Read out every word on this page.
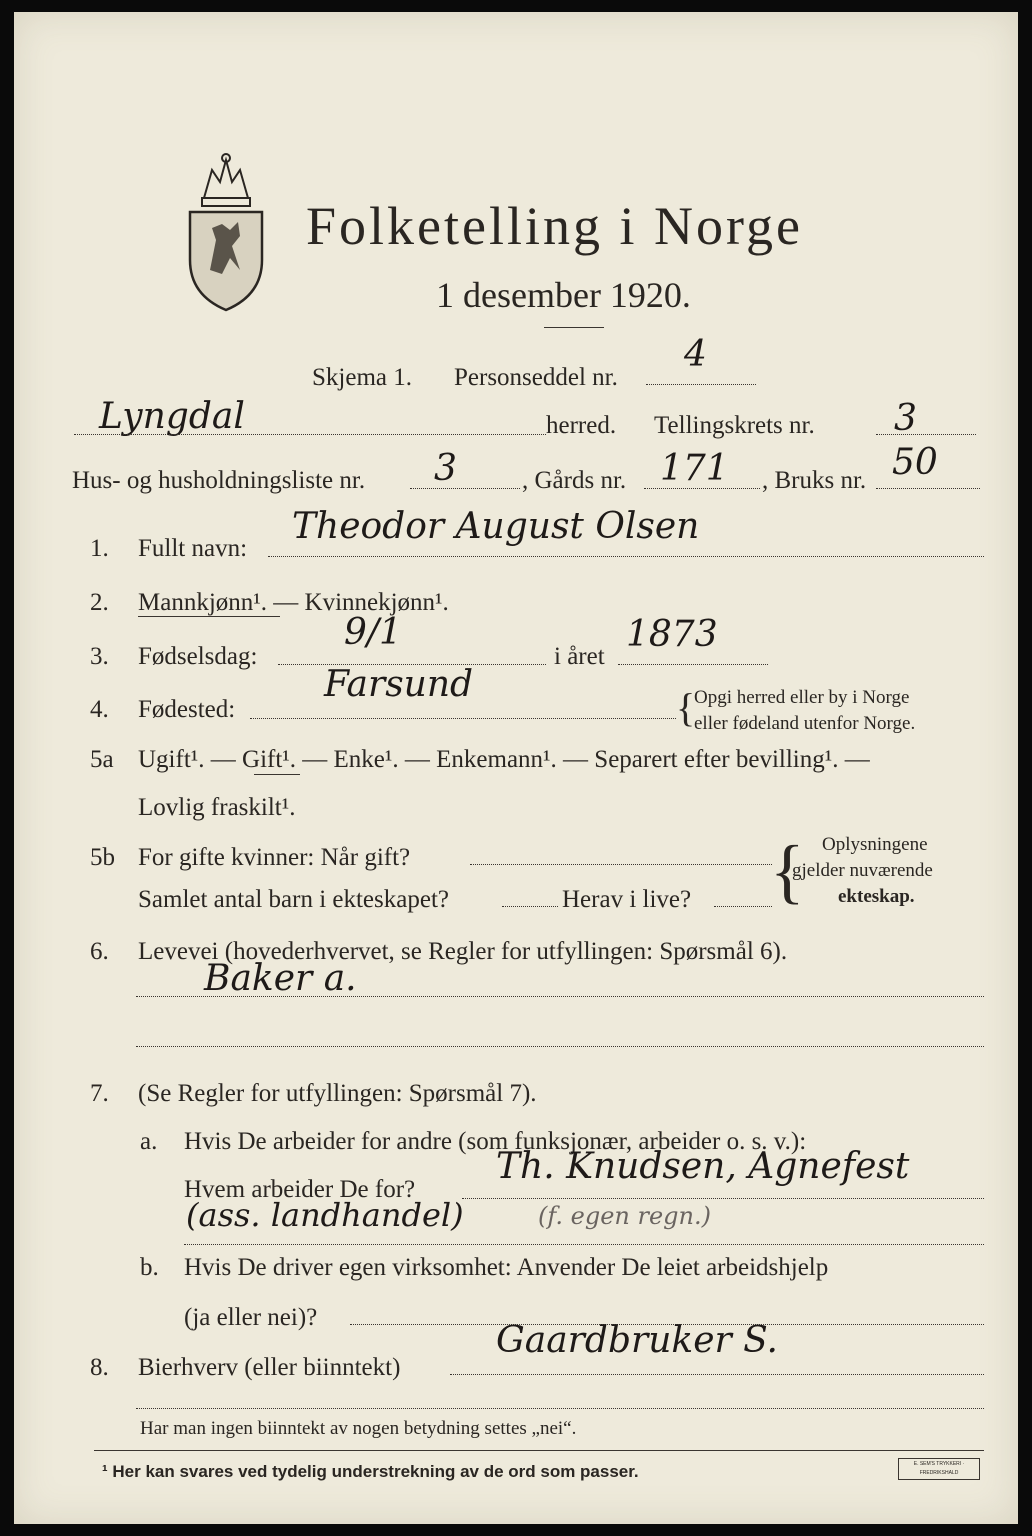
Folketelling i Norge
1 desember 1920.
Skjema 1. Personseddel nr.
4
Lyngdal	herred. Tellingskrets nr. 3
Hus- og husholdningsliste nr. 3	, Gårds nr. 171 , Bruks nr. 50
1. Fullt navn:
Theodor August Olsen
2. Mannkjønn¹. — Kvinnekjønn¹.
3. Fødselsdag:
9/1
i året
1873
4. Fødested:
Farsund
{
Opgi herred eller by i Norge
eller fødeland utenfor Norge.
5a Ugift¹. — Gift¹. — Enke¹. — Enkemann¹. — Separert efter bevilling¹. —
Lovlig fraskilt¹.
5b For gifte kvinner: Når gift?
Samlet antal barn i ekteskapet?	Herav i live? { Oplysningene
gjelder nuværende
ekteskap.
6. Levevei (hovederhvervet, se Regler for utfyllingen: Spørsmål 6).
Baker a.
7. (Se Regler for utfyllingen: Spørsmål 7).
a. Hvis De arbeider for andre (som funksjonær, arbeider o. s. v.):
Hvem arbeider De for?
Th. Knudsen, Agnefest
(ass. landhandel)	(f. egen regn.)
b. Hvis De driver egen virksomhet: Anvender De leiet arbeidshjelp
(ja eller nei)?
8. Bierhverv (eller biinntekt)
Gaardbruker S.
Har man ingen biinntekt av nogen betydning settes „nei“.
¹ Her kan svares ved tydelig understrekning av de ord som passer.	E. SEM'S TRYKKERI · FREDRIKSHALD
